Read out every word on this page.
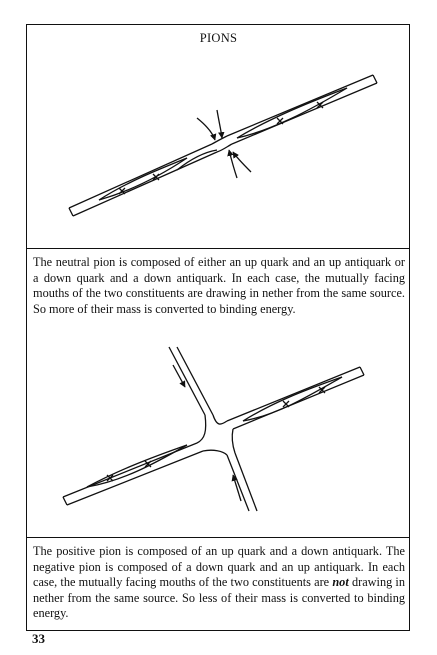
PIONS
The neutral pion is composed of either an up quark and an up antiquark or a down quark and a down antiquark. In each case, the mutually facing mouths of the two constituents are drawing in nether from the same source. So more of their mass is converted to binding energy.
The positive pion is composed of an up quark and a down antiquark. The negative pion is composed of a down quark and an up antiquark. In each case, the mutually facing mouths of the two constituents are not drawing in nether from the same source. So less of their mass is converted to binding energy.
33
